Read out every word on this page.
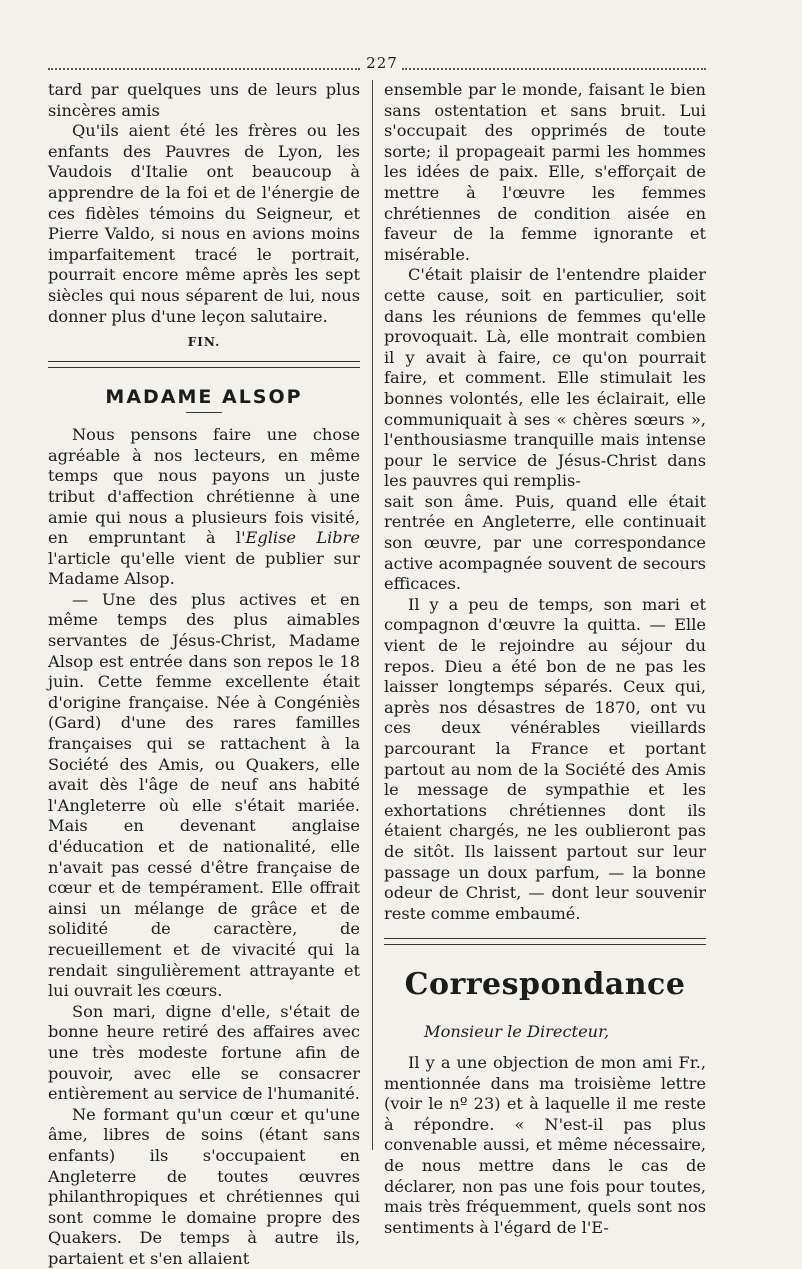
227

tard par quelques uns de leurs plus sincères amis

Qu'ils aient été les frères ou les enfants des Pauvres de Lyon, les Vaudois d'Italie ont beaucoup à apprendre de la foi et de l'énergie de ces fidèles témoins du Seigneur, et Pierre Valdo, si nous en avions moins imparfaitement tracé le portrait, pourrait encore même après les sept siècles qui nous séparent de lui, nous donner plus d'une leçon salutaire.

FIN.
MADAME ALSOP

Nous pensons faire une chose agréable à nos lecteurs, en même temps que nous payons un juste tribut d'affection chrétienne à une amie qui nous a plusieurs fois visité, en empruntant à l'Eglise Libre l'article qu'elle vient de publier sur Madame Alsop.

— Une des plus actives et en même temps des plus aimables servantes de Jésus-Christ, Madame Alsop est entrée dans son repos le 18 juin. Cette femme excellente était d'origine française. Née à Congéniès (Gard) d'une des rares familles françaises qui se rattachent à la Société des Amis, ou Quakers, elle avait dès l'âge de neuf ans habité l'Angleterre où elle s'était mariée. Mais en devenant anglaise d'éducation et de nationalité, elle n'avait pas cessé d'être française de cœur et de tempérament. Elle offrait ainsi un mélange de grâce et de solidité de caractère, de recueillement et de vivacité qui la rendait singulièrement attrayante et lui ouvrait les cœurs.

Son mari, digne d'elle, s'était de bonne heure retiré des affaires avec une très modeste fortune afin de pouvoir, avec elle se consacrer entièrement au service de l'humanité.

Ne formant qu'un cœur et qu'une âme, libres de soins (étant sans enfants) ils s'occupaient en Angleterre de toutes œuvres philanthropiques et chrétiennes qui sont comme le domaine propre des Quakers. De temps à autre ils, partaient et s'en allaient

ensemble par le monde, faisant le bien sans ostentation et sans bruit. Lui s'occupait des opprimés de toute sorte; il propageait parmi les hommes les idées de paix. Elle, s'efforçait de mettre à l'œuvre les femmes chrétiennes de condition aisée en faveur de la femme ignorante et misérable.

C'était plaisir de l'entendre plaider cette cause, soit en particulier, soit dans les réunions de femmes qu'elle provoquait. Là, elle montrait combien il y avait à faire, ce qu'on pourrait faire, et comment. Elle stimulait les bonnes volontés, elle les éclairait, elle communiquait à ses « chères sœurs », l'enthousiasme tranquille mais intense pour le service de Jésus-Christ dans les pauvres qui remplis-

sait son âme. Puis, quand elle était rentrée en Angleterre, elle continuait son œuvre, par une correspondance active acompagnée souvent de secours efficaces.

Il y a peu de temps, son mari et compagnon d'œuvre la quitta. — Elle vient de le rejoindre au séjour du repos. Dieu a été bon de ne pas les laisser longtemps séparés. Ceux qui, après nos désastres de 1870, ont vu ces deux vénérables vieillards parcourant la France et portant partout au nom de la Société des Amis le message de sympathie et les exhortations chrétiennes dont ils étaient chargés, ne les oublieront pas de sitôt. Ils laissent partout sur leur passage un doux parfum, — la bonne odeur de Christ, — dont leur souvenir reste comme embaumé.

Correspondance

Monsieur le Directeur,

Il y a une objection de mon ami Fr., mentionnée dans ma troisième lettre (voir le nº 23) et à laquelle il me reste à répondre. « N'est-il pas plus convenable aussi, et même nécessaire, de nous mettre dans le cas de déclarer, non pas une fois pour toutes, mais très fréquemment, quels sont nos sentiments à l'égard de l'E-
